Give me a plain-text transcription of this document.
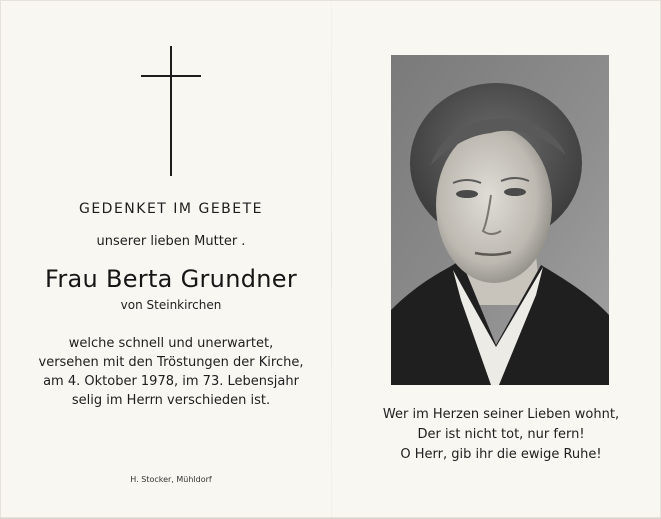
GEDENKET IM GEBETE
unserer lieben Mutter .
Frau Berta Grundner
von Steinkirchen
welche schnell und unerwartet,
versehen mit den Tröstungen der Kirche,
am 4. Oktober 1978, im 73. Lebensjahr
selig im Herrn verschieden ist.
H. Stocker, Mühldorf
Wer im Herzen seiner Lieben wohnt,
Der ist nicht tot, nur fern!
O Herr, gib ihr die ewige Ruhe!
